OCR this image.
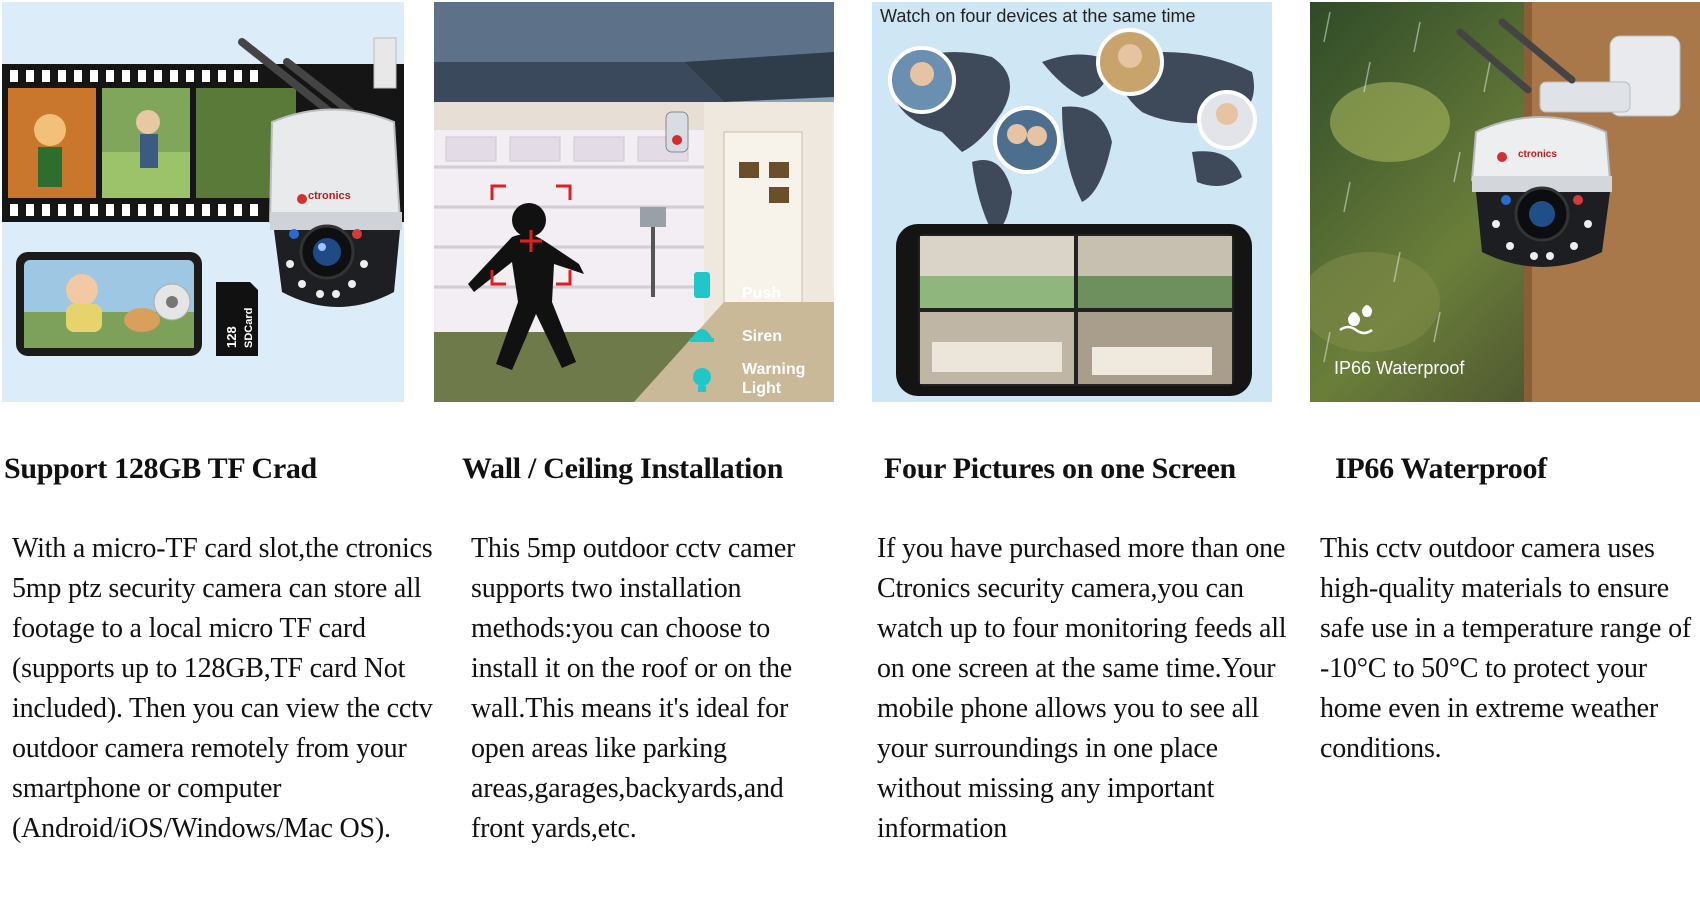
128 SDCard
ctronics
Support 128GB TF Crad
With a micro-TF card slot,the ctronics 5mp ptz security camera can store all footage to a local micro TF card (supports up to 128GB,TF card Not included). Then you can view the cctv outdoor camera remotely from your smartphone or computer (Android/iOS/Windows/Mac OS).
Push
Siren
Warning Light
Wall / Ceiling Installation
This 5mp outdoor cctv camer supports two installation methods:you can choose to install it on the roof or on the wall.This means it's ideal for open areas like parking areas,garages,backyards,and front yards,etc.
Watch on four devices at the same time
Four Pictures on one Screen
If you have purchased more than one Ctronics security camera,you can watch up to four monitoring feeds all on one screen at the same time.Your mobile phone allows you to see all your surroundings in one place without missing any important information
ctronics
IP66 Waterproof
IP66 Waterproof
This cctv outdoor camera uses high-quality materials to ensure safe use in a temperature range of -10°C to 50°C to protect your home even in extreme weather conditions.
